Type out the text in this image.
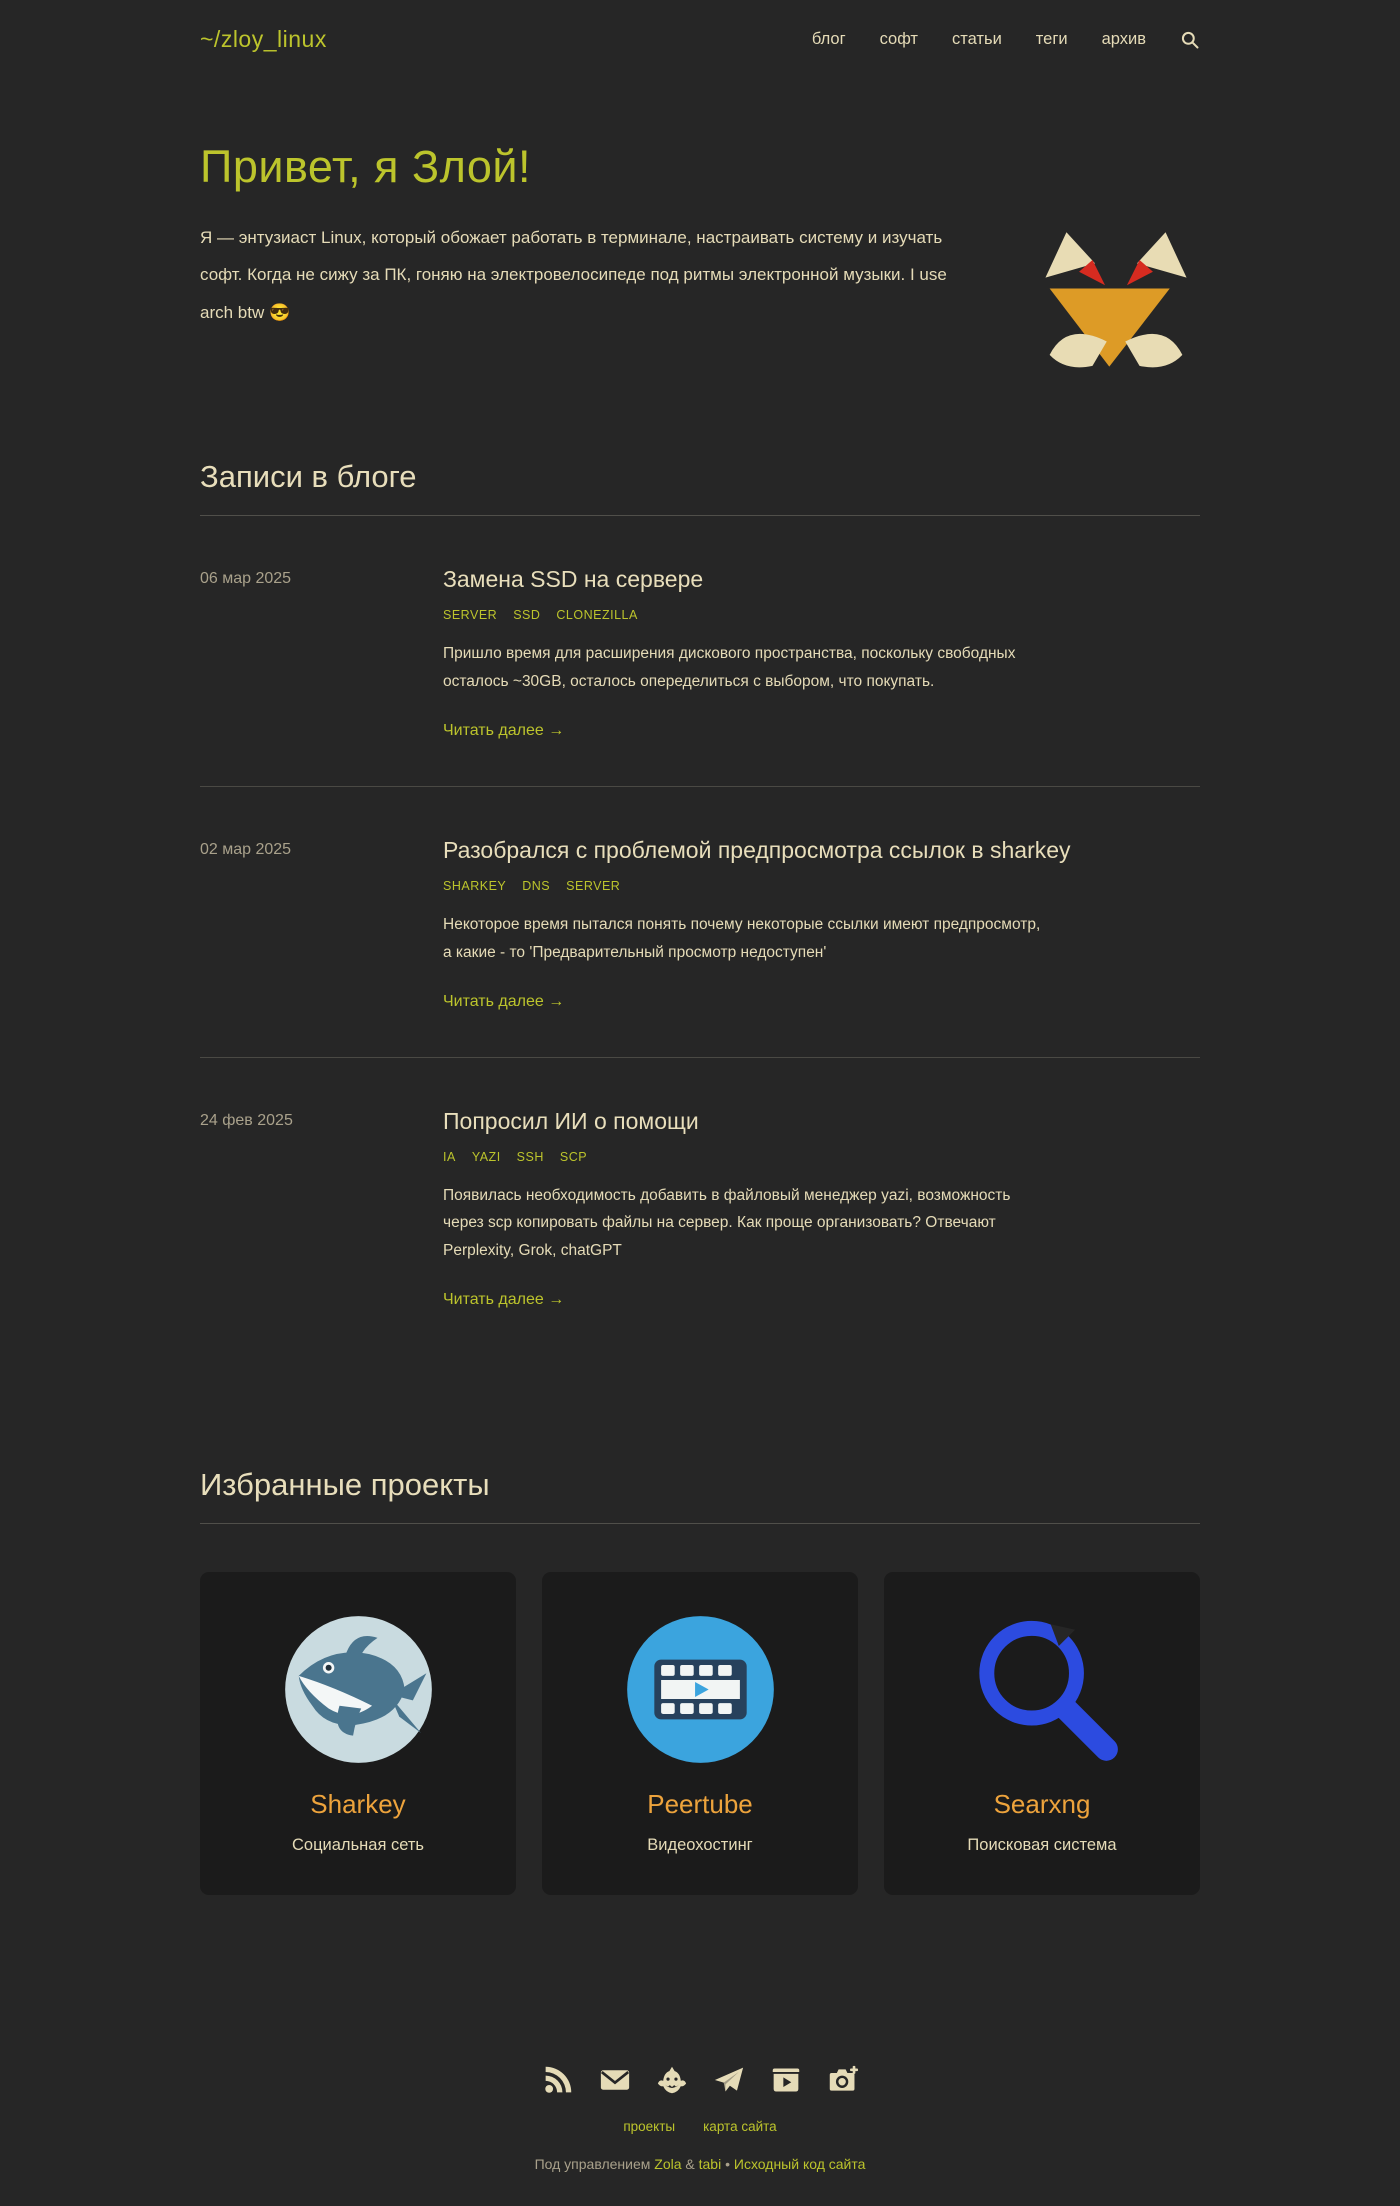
~/zloy_linux	блог софт статьи теги архив
Привет, я Злой!

Я — энтузиаст Linux, который обожает работать в терминале, настраивать систему и изучать софт. Когда не сижу за ПК, гоняю на электровелосипеде под ритмы электронной музыки. I use arch btw 😎

Записи в блоге
06 мар 2025	Замена SSD на сервере
SERVER SSD CLONEZILLA

Пришло время для расширения дискового пространства, поскольку свободных осталось ~30GB, осталось опеределиться с выбором, что покупать.

Читать далее →
02 мар 2025	Разобрался с проблемой предпросмотра ссылок в sharkey
SHARKEY DNS SERVER

Некоторое время пытался понять почему некоторые ссылки имеют предпросмотр, а какие - то 'Предварительный просмотр недоступен'

Читать далее →
24 фев 2025	Попросил ИИ о помощи
IA YAZI SSH SCP

Появилась необходимость добавить в файловый менеджер yazi, возможность через scp копировать файлы на сервер. Как проще организовать? Отвечают Perplexity, Grok, chatGPT

Читать далее →
Избранные проекты
Sharkey
Социальная сеть
Peertube
Видеохостинг
Searxng
Поисковая система
проекты карта сайта
Под управлением Zola & tabi • Исходный код сайта
